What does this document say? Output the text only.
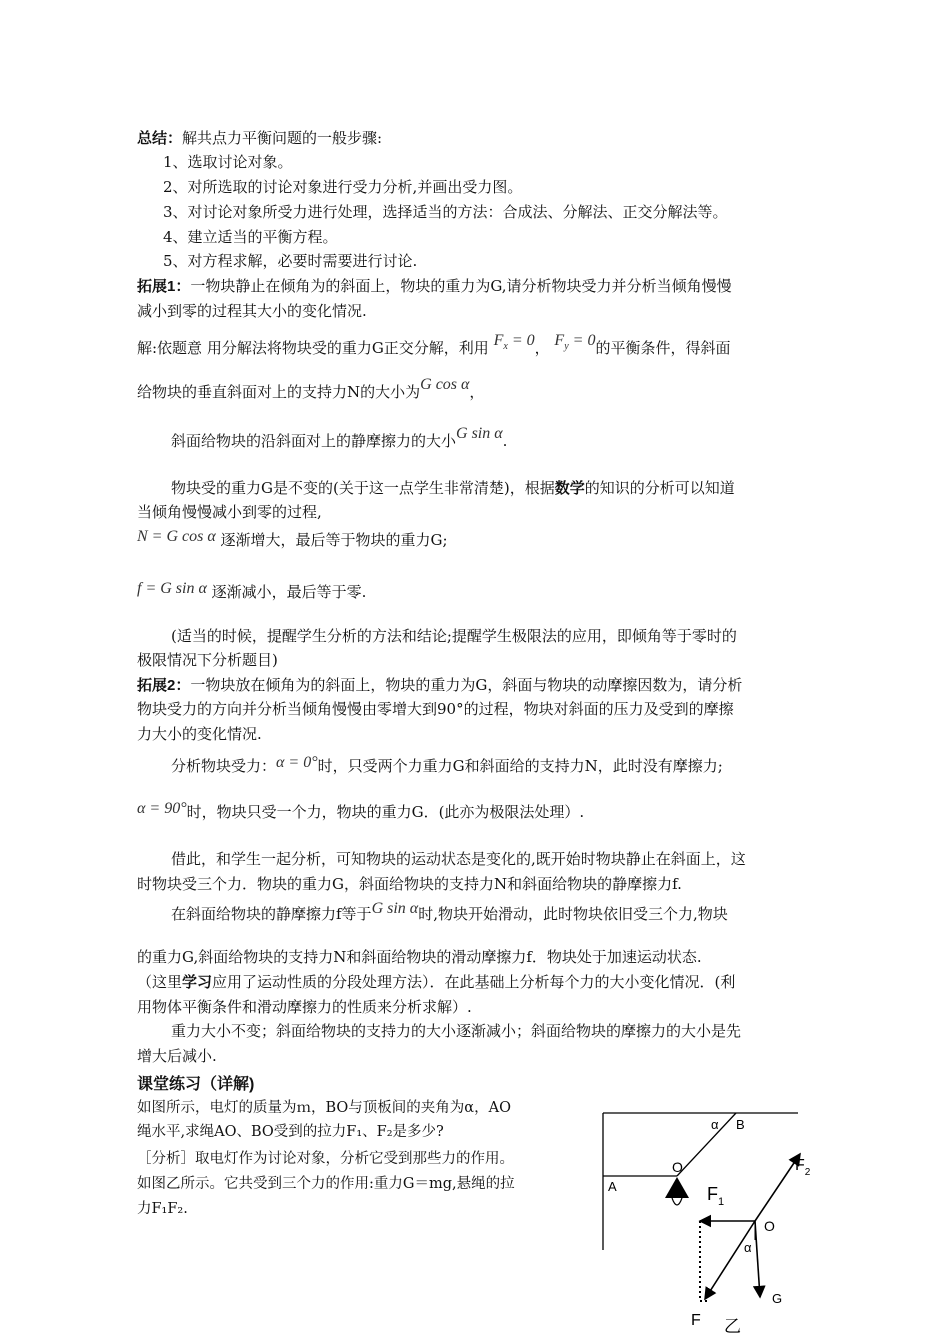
总结：解共点力平衡问题的一般步骤:
1、选取讨论对象。
2、对所选取的讨论对象进行受力分析,并画出受力图。
3、对讨论对象所受力进行处理，选择适当的方法：合成法、分解法、正交分解法等。
4、建立适当的平衡方程。
5、对方程求解，必要时需要进行讨论.
拓展1：一物块静止在倾角为的斜面上，物块的重力为G,请分析物块受力并分析当倾角慢慢
减小到零的过程其大小的变化情况.
解:依题意 用分解法将物块受的重力G正交分解，利用 $F_x = 0$， $F_y = 0$的平衡条件，得斜面
给物块的垂直斜面对上的支持力N的大小为G cos α，
斜面给物块的沿斜面对上的静摩擦力的大小G sin α.
物块受的重力G是不变的(关于这一点学生非常清楚)，根据数学的知识的分析可以知道
当倾角慢慢减小到零的过程,
N = G cos α 逐渐增大，最后等于物块的重力G;
f = G sin α 逐渐减小，最后等于零.
(适当的时候，提醒学生分析的方法和结论;提醒学生极限法的应用，即倾角等于零时的
极限情况下分析题目)
拓展2：一物块放在倾角为的斜面上，物块的重力为G，斜面与物块的动摩擦因数为，请分析
物块受力的方向并分析当倾角慢慢由零增大到90°的过程，物块对斜面的压力及受到的摩擦
力大小的变化情况.
分析物块受力：α = 0°时，只受两个力重力G和斜面给的支持力N，此时没有摩擦力;
α = 90°时，物块只受一个力，物块的重力G．(此亦为极限法处理）.
借此，和学生一起分析，可知物块的运动状态是变化的,既开始时物块静止在斜面上，这
时物块受三个力．物块的重力G，斜面给物块的支持力N和斜面给物块的静摩擦力f.
在斜面给物块的静摩擦力f等于G sin α时,物块开始滑动，此时物块依旧受三个力,物块
的重力G,斜面给物块的支持力N和斜面给物块的滑动摩擦力f．物块处于加速运动状态.
（这里学习应用了运动性质的分段处理方法）．在此基础上分析每个力的大小变化情况．(利
用物体平衡条件和滑动摩擦力的性质来分析求解）.
重力大小不变；斜面给物块的支持力的大小逐渐减小；斜面给物块的摩擦力的大小是先
增大后减小.
课堂练习（详解)
如图所示，电灯的质量为ｍ，BO与顶板间的夹角为α，AO
绳水平,求绳AO、BO受到的拉力F₁、F₂是多少?
［分析］取电灯作为讨论对象，分析它受到那些力的作用。
如图乙所示。它共受到三个力的作用:重力G＝mg,悬绳的拉
力F₁F₂.
α B
O
A	$F_1$
$F_2$
O
α
G
F 乙
